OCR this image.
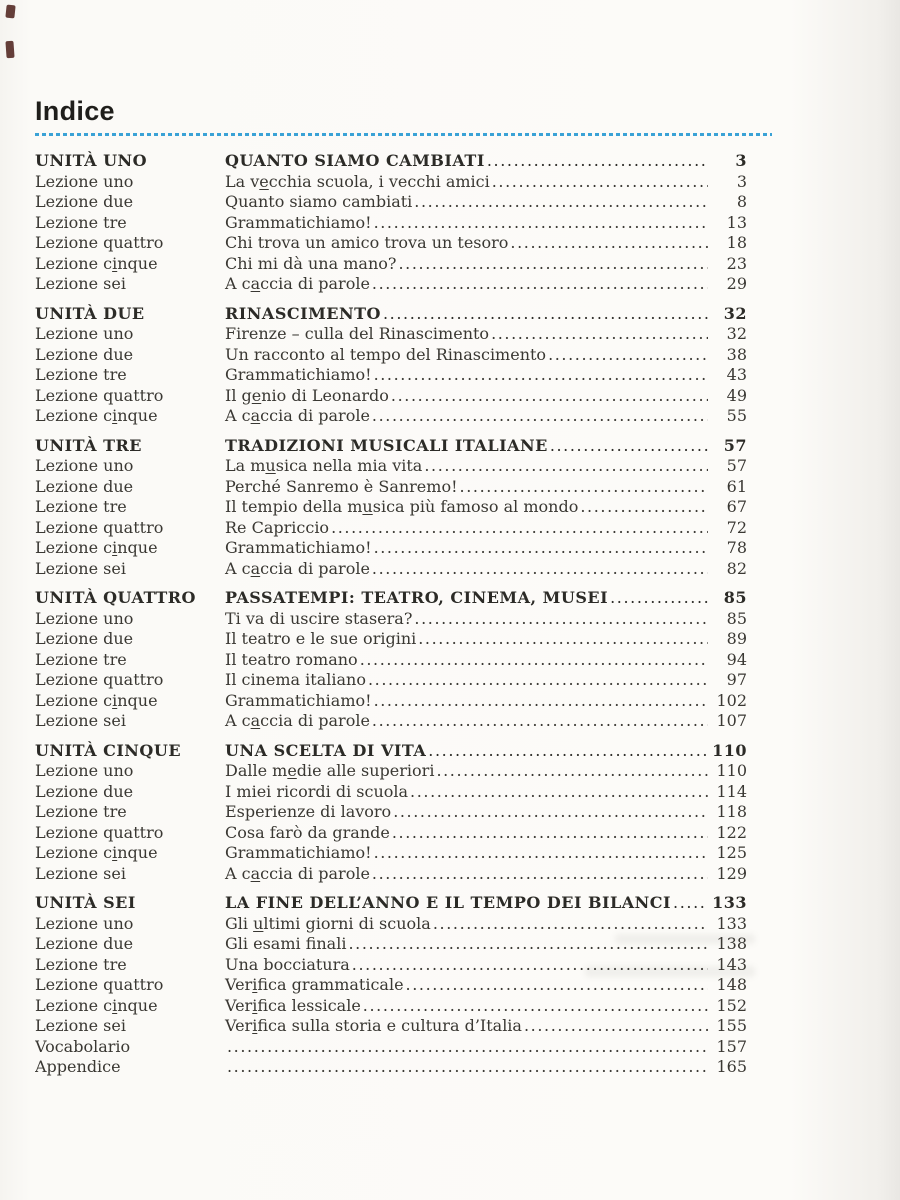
Indice
UNITÀ UNO	QUANTO SIAMO CAMBIATI .....	3
Lezione uno	La vecchia scuola, i vecchi amici .....	3
Lezione due	Quanto siamo cambiati .....	8
Lezione tre	Grammatichiamo! .....	13
Lezione quattro	Chi trova un amico trova un tesoro .....	18
Lezione cinque	Chi mi dà una mano? .....	23
Lezione sei	A caccia di parole .....	29
UNITÀ DUE	RINASCIMENTO .....	32
Lezione uno	Firenze – culla del Rinascimento .....	32
Lezione due	Un racconto al tempo del Rinascimento .....	38
Lezione tre	Grammatichiamo! .....	43
Lezione quattro	Il genio di Leonardo .....	49
Lezione cinque	A caccia di parole .....	55
UNITÀ TRE	TRADIZIONI MUSICALI ITALIANE .....	57
Lezione uno	La musica nella mia vita .....	57
Lezione due	Perché Sanremo è Sanremo! .....	61
Lezione tre	Il tempio della musica più famoso al mondo .....	67
Lezione quattro	Re Capriccio .....	72
Lezione cinque	Grammatichiamo! .....	78
Lezione sei	A caccia di parole .....	82
UNITÀ QUATTRO	PASSATEMPI: TEATRO, CINEMA, MUSEI .....	85
Lezione uno	Ti va di uscire stasera? .....	85
Lezione due	Il teatro e le sue origini .....	89
Lezione tre	Il teatro romano .....	94
Lezione quattro	Il cinema italiano .....	97
Lezione cinque	Grammatichiamo! .....	102
Lezione sei	A caccia di parole .....	107
UNITÀ CINQUE	UNA SCELTA DI VITA .....	110
Lezione uno	Dalle medie alle superiori .....	110
Lezione due	I miei ricordi di scuola .....	114
Lezione tre	Esperienze di lavoro .....	118
Lezione quattro	Cosa farò da grande .....	122
Lezione cinque	Grammatichiamo! .....	125
Lezione sei	A caccia di parole .....	129
UNITÀ SEI	LA FINE DELL’ANNO E IL TEMPO DEI BILANCI .....	133
Lezione uno	Gli ultimi giorni di scuola .....	133
Lezione due	Gli esami finali .....	138
Lezione tre	Una bocciatura .....	143
Lezione quattro	Verifica grammaticale .....	148
Lezione cinque	Verifica lessicale .....	152
Lezione sei	Verifica sulla storia e cultura d’Italia .....	155
Vocabolario .....	157
Appendice .....	165
